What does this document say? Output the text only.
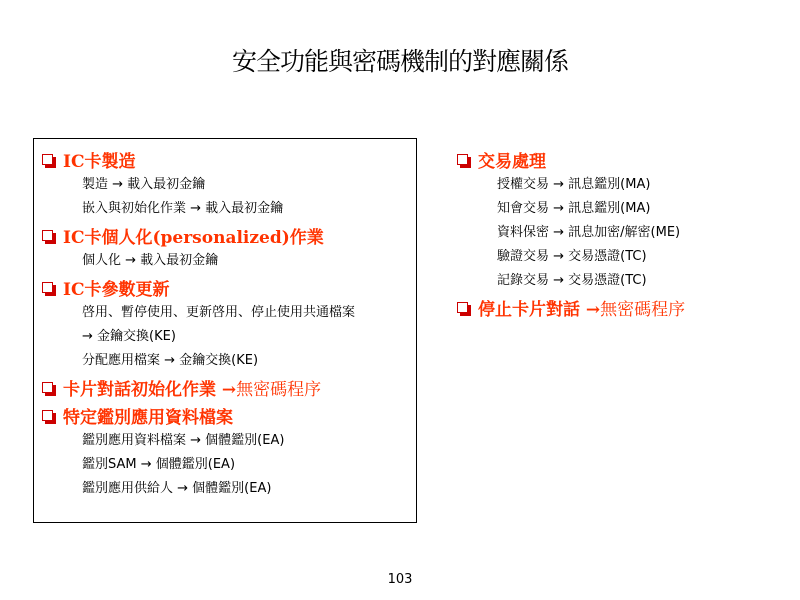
安全功能與密碼機制的對應關係
IC卡製造
製造 → 載入最初金鑰
嵌入與初始化作業 → 載入最初金鑰
IC卡個人化(personalized)作業
個人化 → 載入最初金鑰
IC卡參數更新
啓用、暫停使用、更新啓用、停止使用共通檔案
→ 金鑰交換(KE)
分配應用檔案 → 金鑰交換(KE)
卡片對話初始化作業 → 無密碼程序
特定鑑別應用資料檔案
鑑別應用資料檔案 → 個體鑑別(EA)
鑑別SAM → 個體鑑別(EA)
鑑別應用供給人 → 個體鑑別(EA)
交易處理
授權交易 → 訊息鑑別(MA)
知會交易 → 訊息鑑別(MA)
資料保密 → 訊息加密/解密(ME)
驗證交易 → 交易憑證(TC)
記錄交易 → 交易憑證(TC)
停止卡片對話 → 無密碼程序
103
